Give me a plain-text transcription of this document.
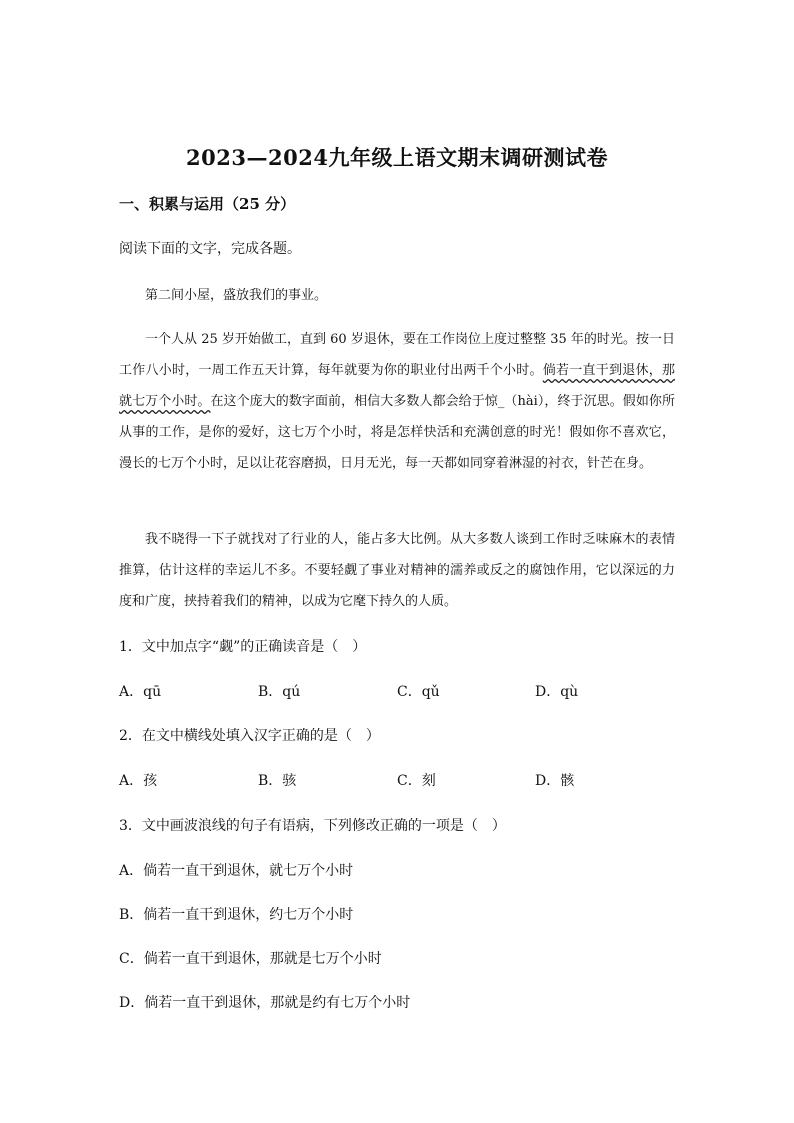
2023—2024九年级上语文期末调研测试卷
一、积累与运用（25 分）
阅读下面的文字，完成各题。

第二间小屋，盛放我们的事业。

一个人从 25 岁开始做工，直到 60 岁退休，要在工作岗位上度过整整 35 年的时光。按一日工作八小时，一周工作五天计算，每年就要为你的职业付出两千个小时。倘若一直干到退休，那就七万个小时。在这个庞大的数字面前，相信大多数人都会给于惊_（hài），终于沉思。假如你所从事的工作，是你的爱好，这七万个小时，将是怎样快活和充满创意的时光！假如你不喜欢它，漫长的七万个小时，足以让花容磨损，日月无光，每一天都如同穿着淋湿的衬衣，针芒在身。

我不晓得一下子就找对了行业的人，能占多大比例。从大多数人谈到工作时乏味麻木的表情推算，估计这样的幸运儿不多。不要轻觑了事业对精神的濡养或反之的腐蚀作用，它以深远的力度和广度，挟持着我们的精神，以成为它麾下持久的人质。

1．文中加点字“觑”的正确读音是（　）
A．qū	B．qú	C．qǔ	D．qù
2．在文中横线处填入汉字正确的是（　）
A．孩	B．骇	C．刻	D．骸
3．文中画波浪线的句子有语病，下列修改正确的一项是（　）
A．倘若一直干到退休，就七万个小时
B．倘若一直干到退休，约七万个小时
C．倘若一直干到退休，那就是七万个小时
D．倘若一直干到退休，那就是约有七万个小时
